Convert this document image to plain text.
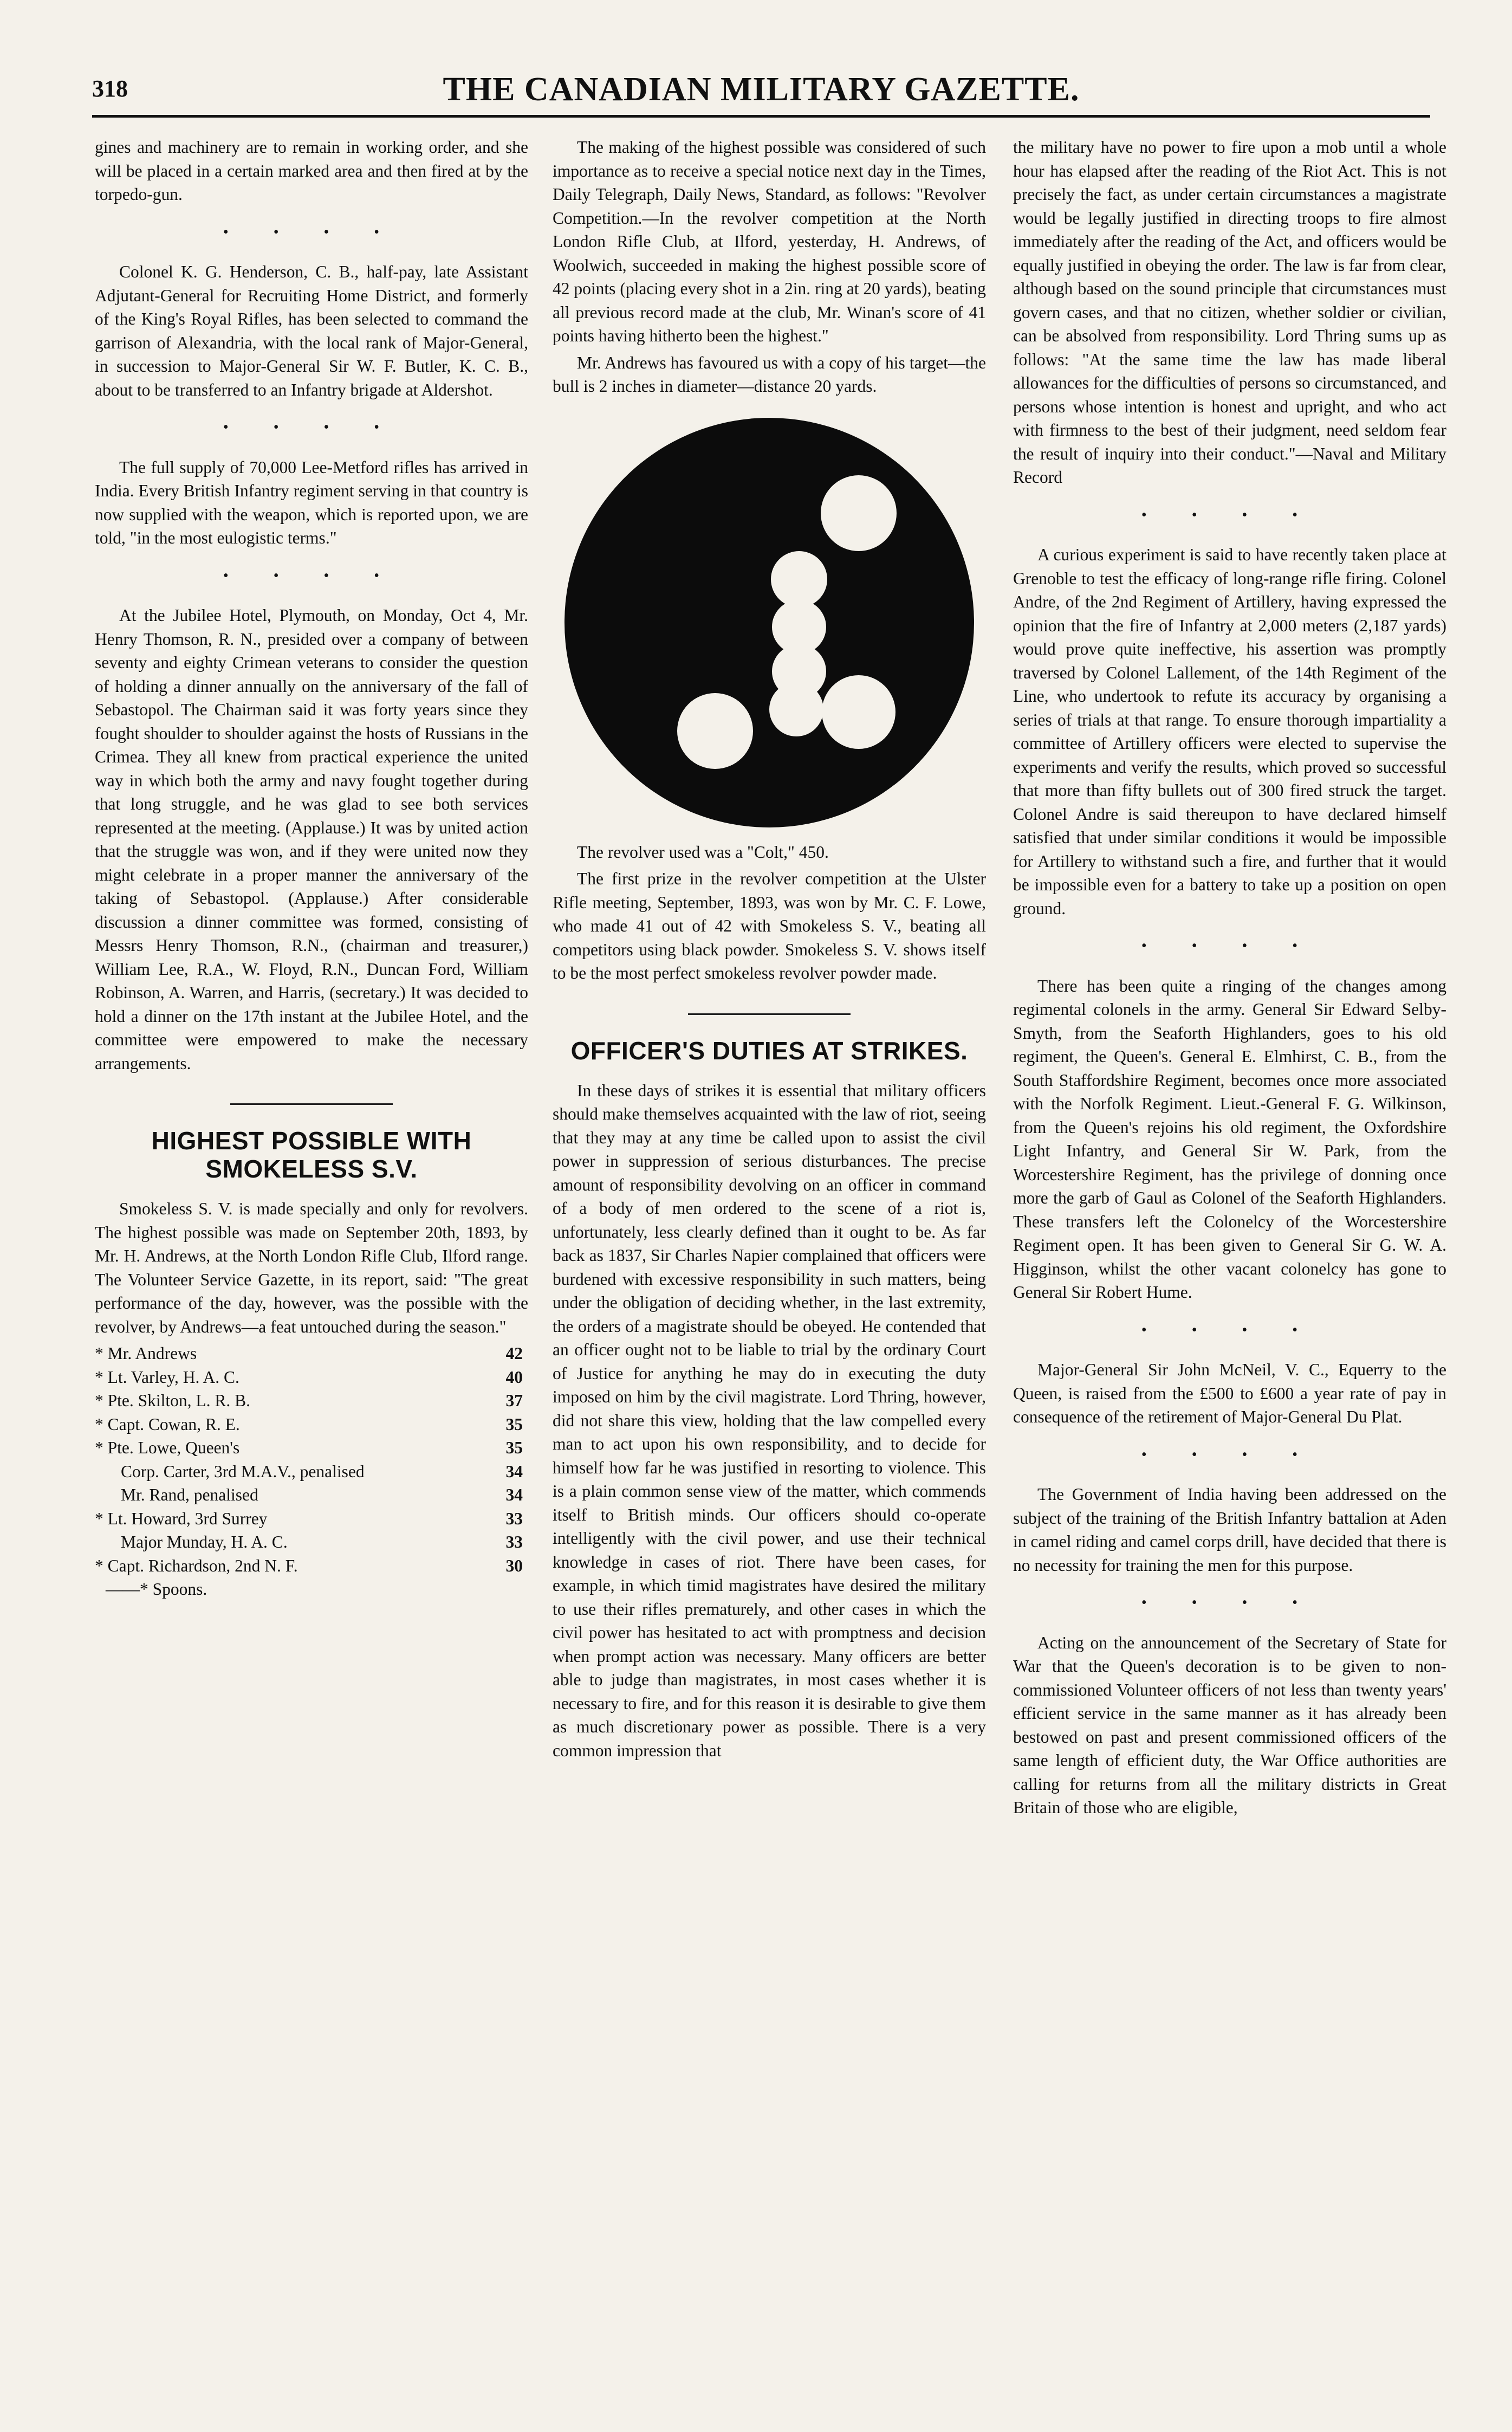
318	THE CANADIAN MILITARY GAZETTE.

gines and machinery are to remain in working order, and she will be placed in a certain marked area and then fired at by the torpedo-gun.

• • • •

Colonel K. G. Henderson, C. B., half-pay, late Assistant Adjutant-General for Recruiting Home District, and formerly of the King's Royal Rifles, has been selected to command the garrison of Alexandria, with the local rank of Major-General, in succession to Major-General Sir W. F. Butler, K. C. B., about to be transferred to an Infantry brigade at Aldershot.

• • • •

The full supply of 70,000 Lee-Metford rifles has arrived in India. Every British Infantry regiment serving in that country is now supplied with the weapon, which is reported upon, we are told, "in the most eulogistic terms."

• • • •

At the Jubilee Hotel, Plymouth, on Monday, Oct 4, Mr. Henry Thomson, R. N., presided over a company of between seventy and eighty Crimean veterans to consider the question of holding a dinner annually on the anniversary of the fall of Sebastopol. The Chairman said it was forty years since they fought shoulder to shoulder against the hosts of Russians in the Crimea. They all knew from practical experience the united way in which both the army and navy fought together during that long struggle, and he was glad to see both services represented at the meeting. (Applause.) It was by united action that the struggle was won, and if they were united now they might celebrate in a proper manner the anniversary of the taking of Sebastopol. (Applause.) After considerable discussion a dinner committee was formed, consisting of Messrs Henry Thomson, R.N., (chairman and treasurer,) William Lee, R.A., W. Floyd, R.N., Duncan Ford, William Robinson, A. Warren, and Harris, (secretary.) It was decided to hold a dinner on the 17th instant at the Jubilee Hotel, and the committee were empowered to make the necessary arrangements.

HIGHEST POSSIBLE WITH SMOKELESS S.V.

Smokeless S. V. is made specially and only for revolvers. The highest possible was made on September 20th, 1893, by Mr. H. Andrews, at the North London Rifle Club, Ilford range. The Volunteer Service Gazette, in its report, said: "The great performance of the day, however, was the possible with the revolver, by Andrews—a feat untouched during the season."

* Mr. Andrews	42
* Lt. Varley, H. A. C.	40
* Pte. Skilton, L. R. B.	37
* Capt. Cowan, R. E.	35
* Pte. Lowe, Queen's	35
Corp. Carter, 3rd M.A.V., penalised	34
Mr. Rand, penalised	34
* Lt. Howard, 3rd Surrey	33
Major Munday, H. A. C.	33
* Capt. Richardson, 2nd N. F.	30
——* Spoons.

The making of the highest possible was considered of such importance as to receive a special notice next day in the Times, Daily Telegraph, Daily News, Standard, as follows: "Revolver Competition.—In the revolver competition at the North London Rifle Club, at Ilford, yesterday, H. Andrews, of Woolwich, succeeded in making the highest possible score of 42 points (placing every shot in a 2in. ring at 20 yards), beating all previous record made at the club, Mr. Winan's score of 41 points having hitherto been the highest."

Mr. Andrews has favoured us with a copy of his target—the bull is 2 inches in diameter—distance 20 yards.

The revolver used was a "Colt," 450.

The first prize in the revolver competition at the Ulster Rifle meeting, September, 1893, was won by Mr. C. F. Lowe, who made 41 out of 42 with Smokeless S. V., beating all competitors using black powder. Smokeless S. V. shows itself to be the most perfect smokeless revolver powder made.

OFFICER'S DUTIES AT STRIKES.

In these days of strikes it is essential that military officers should make themselves acquainted with the law of riot, seeing that they may at any time be called upon to assist the civil power in suppression of serious disturbances. The precise amount of responsibility devolving on an officer in command of a body of men ordered to the scene of a riot is, unfortunately, less clearly defined than it ought to be. As far back as 1837, Sir Charles Napier complained that officers were burdened with excessive responsibility in such matters, being under the obligation of deciding whether, in the last extremity, the orders of a magistrate should be obeyed. He contended that an officer ought not to be liable to trial by the ordinary Court of Justice for anything he may do in executing the duty imposed on him by the civil magistrate. Lord Thring, however, did not share this view, holding that the law compelled every man to act upon his own responsibility, and to decide for himself how far he was justified in resorting to violence. This is a plain common sense view of the matter, which commends itself to British minds. Our officers should co-operate intelligently with the civil power, and use their technical knowledge in cases of riot. There have been cases, for example, in which timid magistrates have desired the military to use their rifles prematurely, and other cases in which the civil power has hesitated to act with promptness and decision when prompt action was necessary. Many officers are better able to judge than magistrates, in most cases whether it is necessary to fire, and for this reason it is desirable to give them as much discretionary power as possible. There is a very common impression that

the military have no power to fire upon a mob until a whole hour has elapsed after the reading of the Riot Act. This is not precisely the fact, as under certain circumstances a magistrate would be legally justified in directing troops to fire almost immediately after the reading of the Act, and officers would be equally justified in obeying the order. The law is far from clear, although based on the sound principle that circumstances must govern cases, and that no citizen, whether soldier or civilian, can be absolved from responsibility. Lord Thring sums up as follows: "At the same time the law has made liberal allowances for the difficulties of persons so circumstanced, and persons whose intention is honest and upright, and who act with firmness to the best of their judgment, need seldom fear the result of inquiry into their conduct."—Naval and Military Record

• • • •

A curious experiment is said to have recently taken place at Grenoble to test the efficacy of long-range rifle firing. Colonel Andre, of the 2nd Regiment of Artillery, having expressed the opinion that the fire of Infantry at 2,000 meters (2,187 yards) would prove quite ineffective, his assertion was promptly traversed by Colonel Lallement, of the 14th Regiment of the Line, who undertook to refute its accuracy by organising a series of trials at that range. To ensure thorough impartiality a committee of Artillery officers were elected to supervise the experiments and verify the results, which proved so successful that more than fifty bullets out of 300 fired struck the target. Colonel Andre is said thereupon to have declared himself satisfied that under similar conditions it would be impossible for Artillery to withstand such a fire, and further that it would be impossible even for a battery to take up a position on open ground.

• • • •

There has been quite a ringing of the changes among regimental colonels in the army. General Sir Edward Selby-Smyth, from the Seaforth Highlanders, goes to his old regiment, the Queen's. General E. Elmhirst, C. B., from the South Staffordshire Regiment, becomes once more associated with the Norfolk Regiment. Lieut.-General F. G. Wilkinson, from the Queen's rejoins his old regiment, the Oxfordshire Light Infantry, and General Sir W. Park, from the Worcestershire Regiment, has the privilege of donning once more the garb of Gaul as Colonel of the Seaforth Highlanders. These transfers left the Colonelcy of the Worcestershire Regiment open. It has been given to General Sir G. W. A. Higginson, whilst the other vacant colonelcy has gone to General Sir Robert Hume.

• • • •

Major-General Sir John McNeil, V. C., Equerry to the Queen, is raised from the £500 to £600 a year rate of pay in consequence of the retirement of Major-General Du Plat.

• • • •

The Government of India having been addressed on the subject of the training of the British Infantry battalion at Aden in camel riding and camel corps drill, have decided that there is no necessity for training the men for this purpose.

• • • •

Acting on the announcement of the Secretary of State for War that the Queen's decoration is to be given to non-commissioned Volunteer officers of not less than twenty years' efficient service in the same manner as it has already been bestowed on past and present commissioned officers of the same length of efficient duty, the War Office authorities are calling for returns from all the military districts in Great Britain of those who are eligible,
